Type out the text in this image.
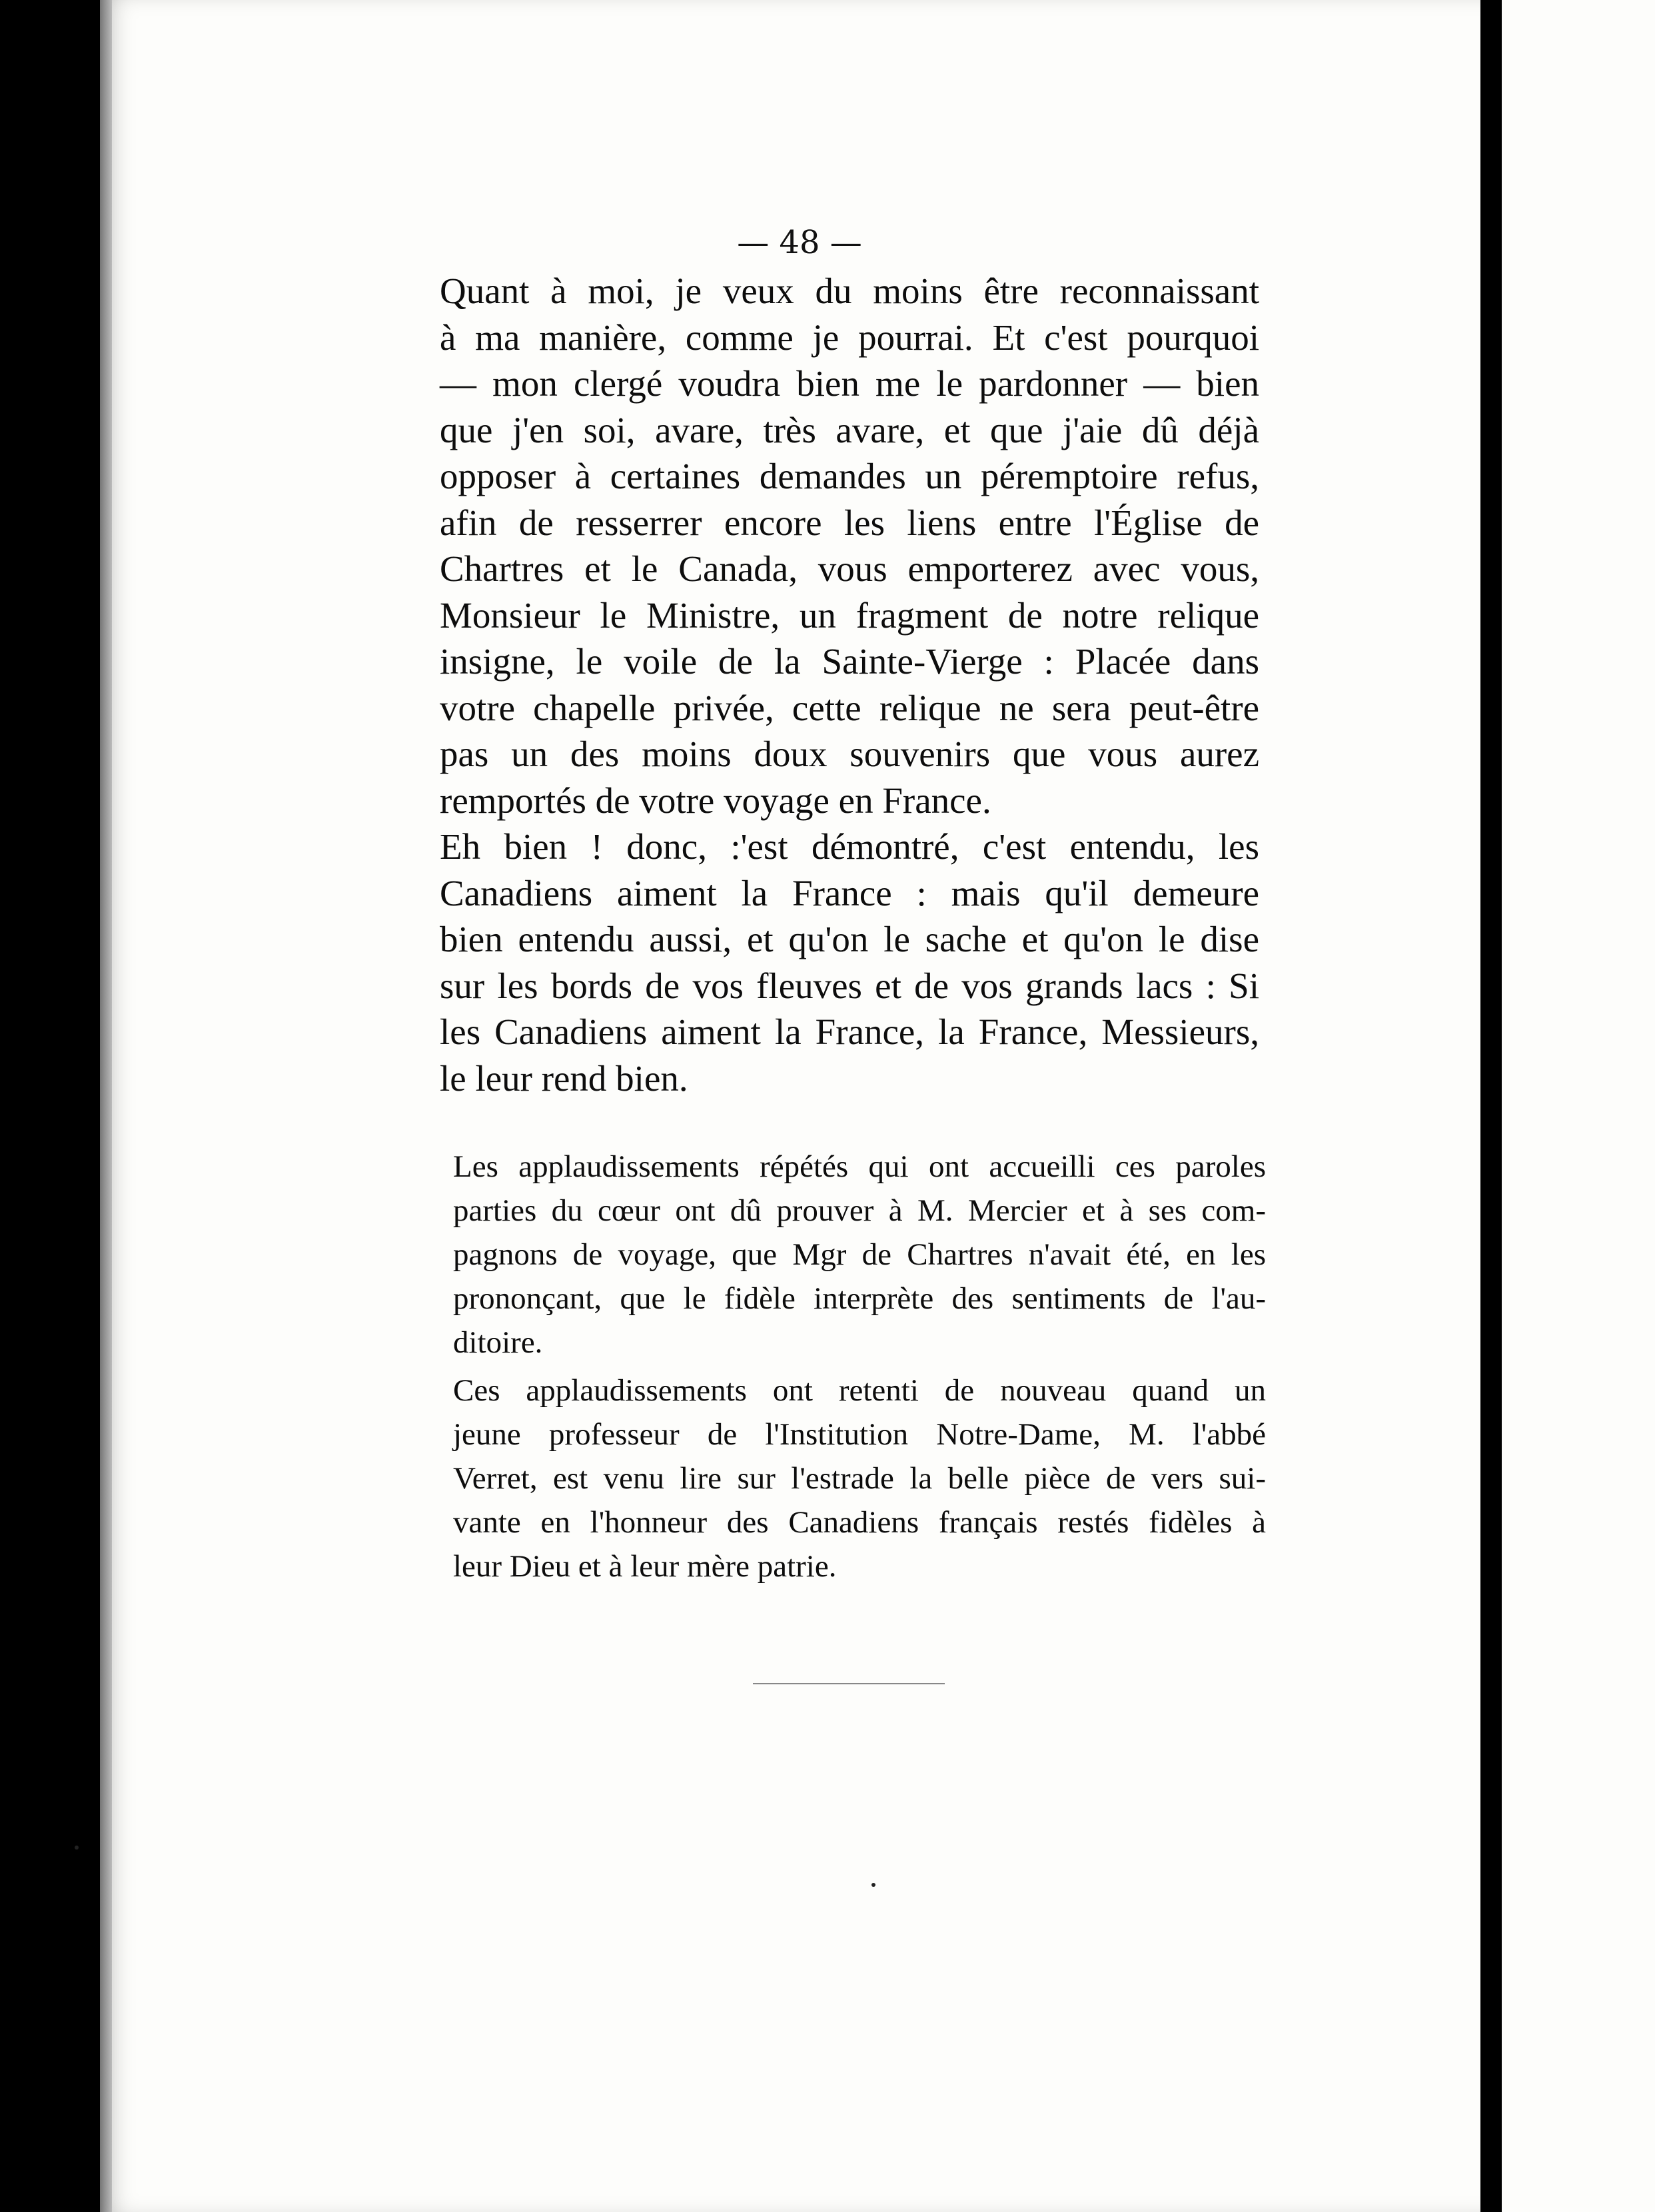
— 48 —

Quant à moi, je veux du moins être reconnaissant
à ma manière, comme je pourrai. Et c'est pourquoi
— mon clergé voudra bien me le pardonner — bien
que j'en soi, avare, très avare, et que j'aie dû déjà
opposer à certaines demandes un péremptoire refus,
afin de resserrer encore les liens entre l'Église de
Chartres et le Canada, vous emporterez avec vous,
Monsieur le Ministre, un fragment de notre relique
insigne, le voile de la Sainte-Vierge : Placée dans
votre chapelle privée, cette relique ne sera peut-être
pas un des moins doux souvenirs que vous aurez
remportés de votre voyage en France.

Eh bien ! donc, :'est démontré, c'est entendu, les
Canadiens aiment la France : mais qu'il demeure
bien entendu aussi, et qu'on le sache et qu'on le dise
sur les bords de vos fleuves et de vos grands lacs : Si
les Canadiens aiment la France, la France, Messieurs,
le leur rend bien.

Les applaudissements répétés qui ont accueilli ces paroles
parties du cœur ont dû prouver à M. Mercier et à ses com-
pagnons de voyage, que Mgr de Chartres n'avait été, en les
prononçant, que le fidèle interprète des sentiments de l'au-
ditoire.

Ces applaudissements ont retenti de nouveau quand un
jeune professeur de l'Institution Notre-Dame, M. l'abbé
Verret, est venu lire sur l'estrade la belle pièce de vers sui-
vante en l'honneur des Canadiens français restés fidèles à
leur Dieu et à leur mère patrie.
